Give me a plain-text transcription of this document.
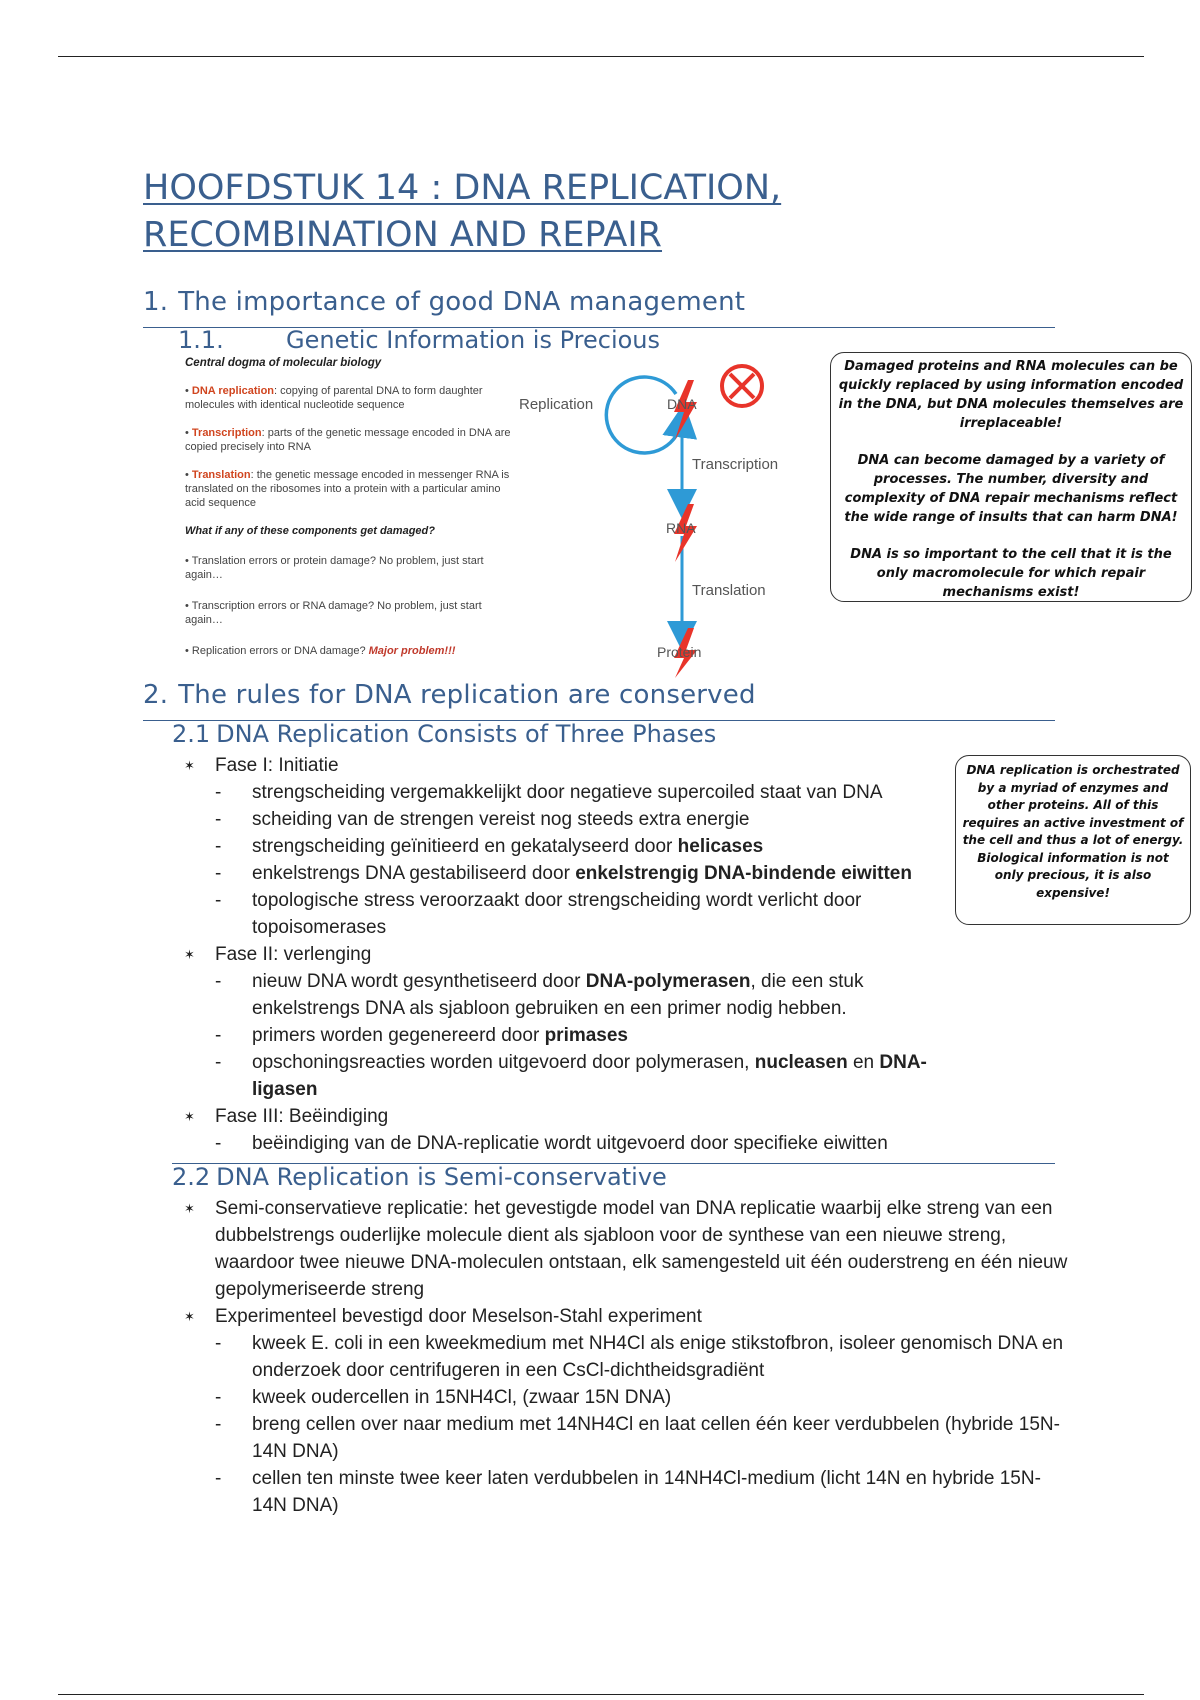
HOOFDSTUK 14 : DNA REPLICATION,
RECOMBINATION AND REPAIR
1. The importance of good DNA management
1.1.	Genetic Information is Precious
Central dogma of molecular biology
• DNA replication: copying of parental DNA to form daughter molecules with identical nucleotide sequence
• Transcription: parts of the genetic message encoded in DNA are copied precisely into RNA
• Translation: the genetic message encoded in messenger RNA is translated on the ribosomes into a protein with a particular amino acid sequence
What if any of these components get damaged?
• Translation errors or protein damage? No problem, just start again…
• Transcription errors or RNA damage? No problem, just start again…
• Replication errors or DNA damage? Major problem!!!
Replication	DNA
Transcription
RNA
Translation
Protein

Damaged proteins and RNA molecules can be quickly replaced by using information encoded in the DNA, but DNA molecules themselves are irreplaceable!

DNA can become damaged by a variety of processes. The number, diversity and complexity of DNA repair mechanisms reflect the wide range of insults that can harm DNA!

DNA is so important to the cell that it is the only macromolecule for which repair mechanisms exist!

2. The rules for DNA replication are conserved
2.1 DNA Replication Consists of Three Phases
✶ Fase I: Initiatie
- strengscheiding vergemakkelijkt door negatieve supercoiled staat van DNA
- scheiding van de strengen vereist nog steeds extra energie
- strengscheiding geïnitieerd en gekatalyseerd door helicases
- enkelstrengs DNA gestabiliseerd door enkelstrengig DNA-bindende eiwitten
- topologische stress veroorzaakt door strengscheiding wordt verlicht door topoisomerases
✶ Fase II: verlenging
- nieuw DNA wordt gesynthetiseerd door DNA-polymerasen, die een stuk enkelstrengs DNA als sjabloon gebruiken en een primer nodig hebben.
- primers worden gegenereerd door primases
- opschoningsreacties worden uitgevoerd door polymerasen, nucleasen en DNA-ligasen
✶ Fase III: Beëindiging
- beëindiging van de DNA-replicatie wordt uitgevoerd door specifieke eiwitten
DNA replication is orchestrated by a myriad of enzymes and other proteins. All of this requires an active investment of the cell and thus a lot of energy. Biological information is not only precious, it is also expensive!
2.2 DNA Replication is Semi-conservative
✶ Semi-conservatieve replicatie: het gevestigde model van DNA replicatie waarbij elke streng van een dubbelstrengs ouderlijke molecule dient als sjabloon voor de synthese van een nieuwe streng, waardoor twee nieuwe DNA-moleculen ontstaan, elk samengesteld uit één ouderstreng en één nieuw gepolymeriseerde streng
✶ Experimenteel bevestigd door Meselson-Stahl experiment
- kweek E. coli in een kweekmedium met NH4Cl als enige stikstofbron, isoleer genomisch DNA en onderzoek door centrifugeren in een CsCl-dichtheidsgradiënt
- kweek oudercellen in 15NH4Cl, (zwaar 15N DNA)
- breng cellen over naar medium met 14NH4Cl en laat cellen één keer verdubbelen (hybride 15N-14N DNA)
- cellen ten minste twee keer laten verdubbelen in 14NH4Cl-medium (licht 14N en hybride 15N-14N DNA)
